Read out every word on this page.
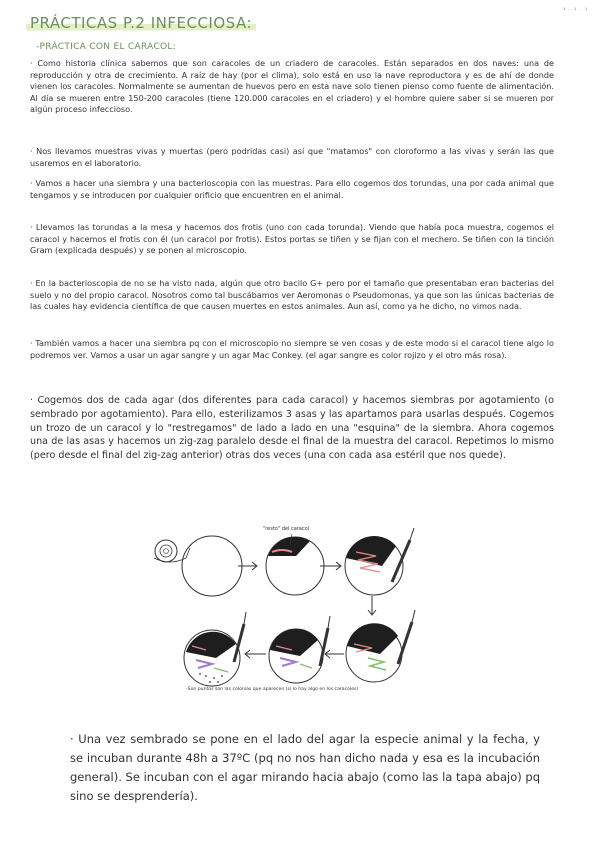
ג . ג . ג
PRÁCTICAS P.2 INFECCIOSA:
-PRÁCTICA CON EL CARACOL:
· Como historia clínica sabemos que son caracoles de un criadero de caracoles. Están separados en dos naves: una de reproducción y otra de crecimiento. A raíz de hay (por el clima), solo está en uso la nave reproductora y es de ahí de donde vienen los caracoles. Normalmente se aumentan de huevos pero en esta nave solo tienen pienso como fuente de alimentación. Al día se mueren entre 150-200 caracoles (tiene 120.000 caracoles en el criadero) y el hombre quiere saber si se mueren por algún proceso infeccioso.
· Nos llevamos muestras vivas y muertas (pero podridas casi) así que "matamos" con cloroformo a las vivas y serán las que usaremos en el laboratorio.
· Vamos a hacer una siembra y una bacterioscopia con las muestras. Para ello cogemos dos torundas, una por cada animal que tengamos y se introducen por cualquier orificio que encuentren en el animal.
· Llevamos las torundas a la mesa y hacemos dos frotis (uno con cada torunda). Viendo que había poca muestra, cogemos el caracol y hacemos el frotis con él (un caracol por frotis). Estos portas se tiñen y se fijan con el mechero. Se tiñen con la tinción Gram (explicada después) y se ponen al microscopio.
· En la bacterioscopia de no se ha visto nada, algún que otro bacilo G+ pero por el tamaño que presentaban eran bacterias del suelo y no del propio caracol. Nosotros como tal buscábamos ver Aeromonas o Pseudomonas, ya que son las únicas bacterias de las cuales hay evidencia científica de que causen muertes en estos animales. Aun así, como ya he dicho, no vimos nada.
· También vamos a hacer una siembra pq con el microscopio no siempre se ven cosas y de este modo si el caracol tiene algo lo podremos ver. Vamos a usar un agar sangre y un agar Mac Conkey. (el agar sangre es color rojizo y el otro más rosa).
· Cogemos dos de cada agar (dos diferentes para cada caracol) y hacemos siembras por agotamiento (o sembrado por agotamiento). Para ello, esterilizamos 3 asas y las apartamos para usarlas después. Cogemos un trozo de un caracol y lo "restregamos" de lado a lado en una "esquina" de la siembra. Ahora cogemos una de las asas y hacemos un zig-zag paralelo desde el final de la muestra del caracol. Repetimos lo mismo (pero desde el final del zig-zag anterior) otras dos veces (una con cada asa estéril que nos quede).
"resto" del caracol
-Son puntos son las colonias que aparecen (si lo hay algo en los caracoles)
· Una vez sembrado se pone en el lado del agar la especie animal y la fecha, y se incuban durante 48h a 37ºC (pq no nos han dicho nada y esa es la incubación general). Se incuban con el agar mirando hacia abajo (como las la tapa abajo) pq sino se desprendería).
